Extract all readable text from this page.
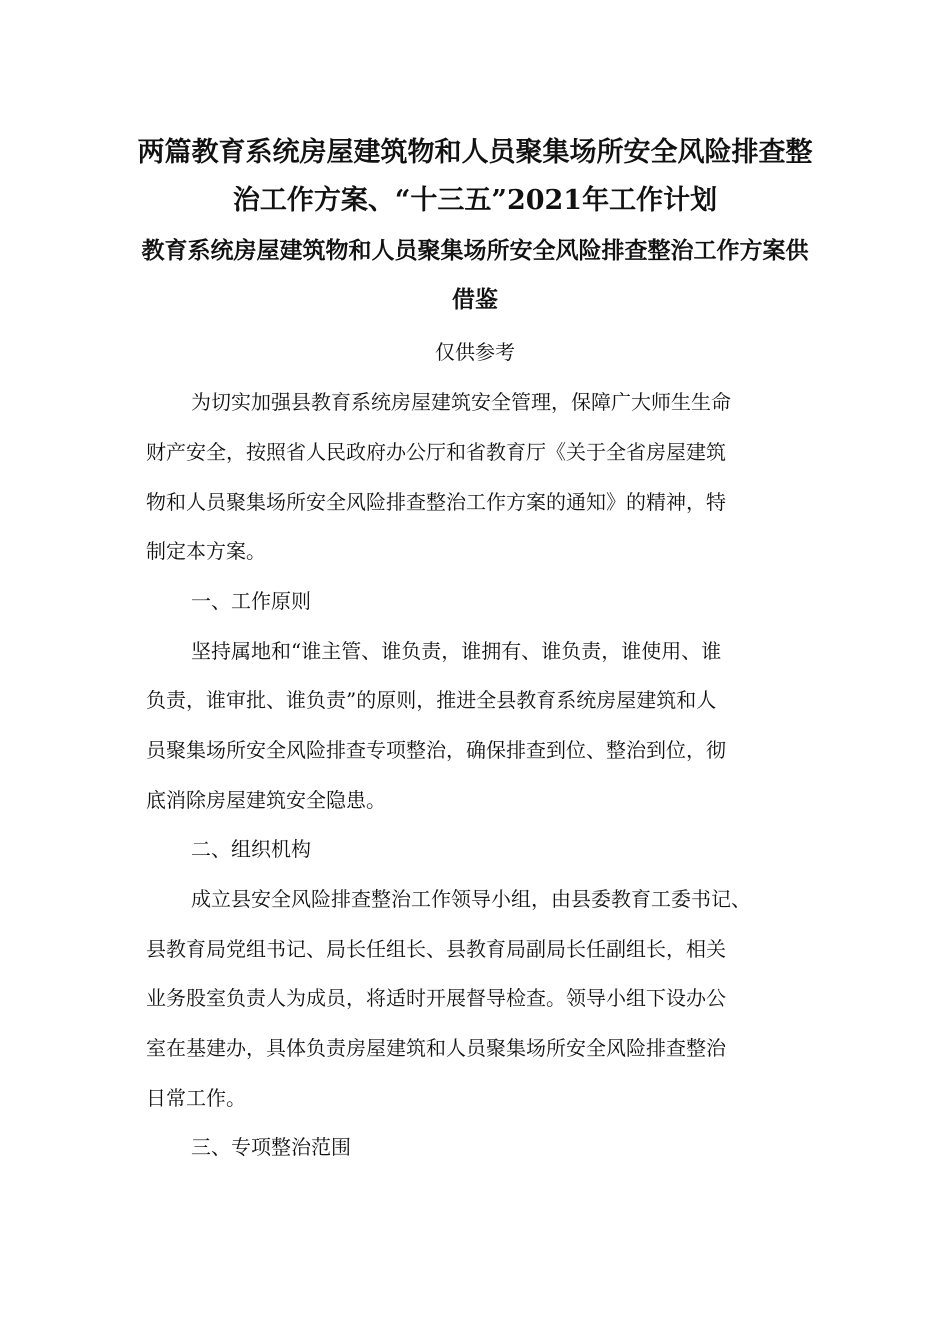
两篇教育系统房屋建筑物和人员聚集场所安全风险排查整
治工作方案、“十三五”2021年工作计划
教育系统房屋建筑物和人员聚集场所安全风险排查整治工作方案供
借鉴
仅供参考
为切实加强县教育系统房屋建筑安全管理，保障广大师生生命
财产安全，按照省人民政府办公厅和省教育厅《关于全省房屋建筑
物和人员聚集场所安全风险排查整治工作方案的通知》的精神，特
制定本方案。
一、工作原则
坚持属地和“谁主管、谁负责，谁拥有、谁负责，谁使用、谁
负责，谁审批、谁负责”的原则，推进全县教育系统房屋建筑和人
员聚集场所安全风险排查专项整治，确保排查到位、整治到位，彻
底消除房屋建筑安全隐患。
二、组织机构
成立县安全风险排查整治工作领导小组，由县委教育工委书记、
县教育局党组书记、局长任组长、县教育局副局长任副组长，相关
业务股室负责人为成员，将适时开展督导检查。领导小组下设办公
室在基建办，具体负责房屋建筑和人员聚集场所安全风险排查整治
日常工作。
三、专项整治范围
